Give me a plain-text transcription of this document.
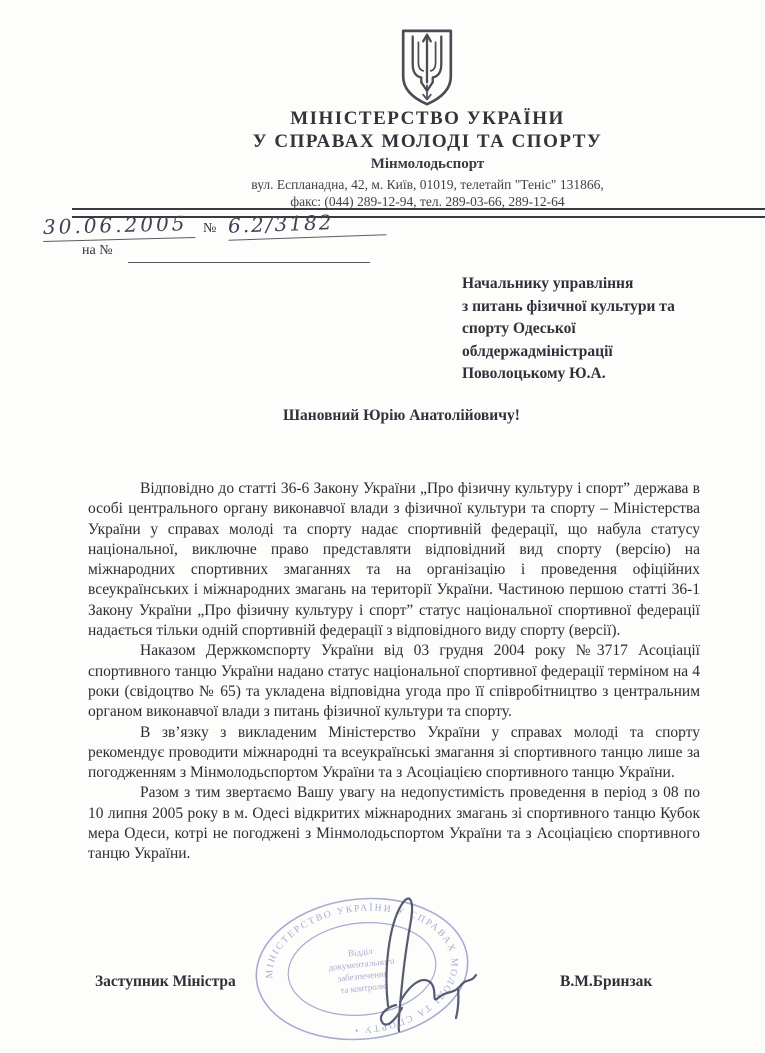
МІНІСТЕРСТВО УКРАЇНИ
У СПРАВАХ МОЛОДІ ТА СПОРТУ
Мінмолодьспорт
вул. Еспланадна, 42, м. Київ, 01019, телетайп "Теніс" 131866,
факс: (044) 289-12-94, тел. 289-03-66, 289-12-64
30.06.2005	№ 6.2/3182
на №
Начальнику управління
з питань фізичної культури та
спорту Одеської
облдержадміністрації
Поволоцькому Ю.А.
Шановний Юрію Анатолійовичу!

Відповідно до статті 36-6 Закону України „Про фізичну культуру і спорт” держава в особі центрального органу виконавчої влади з фізичної культури та спорту – Міністерства України у справах молоді та спорту надає спортивній федерації, що набула статусу національної, виключне право представляти відповідний вид спорту (версію) на міжнародних спортивних змаганнях та на організацію і проведення офіційних всеукраїнських і міжнародних змагань на території України. Частиною першою статті 36-1 Закону України „Про фізичну культуру і спорт” статус національної спортивної федерації надається тільки одній спортивній федерації з відповідного виду спорту (версії).

Наказом Держкомспорту України від 03 грудня 2004 року №3717 Асоціації спортивного танцю України надано статус національної спортивної федерації терміном на 4 роки (свідоцтво № 65) та укладена відповідна угода про її співробітництво з центральним органом виконавчої влади з питань фізичної культури та спорту.

В зв’язку з викладеним Міністерство України у справах молоді та спорту рекомендує проводити міжнародні та всеукраїнські змагання зі спортивного танцю лише за погодженням з Мінмолодьспортом України та з Асоціацією спортивного танцю України.

Разом з тим звертаємо Вашу увагу на недопустимість проведення в період з 08 по 10 липня 2005 року в м. Одесі відкритих міжнародних змагань зі спортивного танцю Кубок мера Одеси, котрі не погоджені з Мінмолодьспортом України та з Асоціацією спортивного танцю України.

МІНІСТЕРСТВО УКРАЇНИ У СПРАВАХ МОЛОДІ ТА СПОРТУ •
Відділ
документального
забезпечення
та контролю
Заступник Міністра	В.М.Бринзак
